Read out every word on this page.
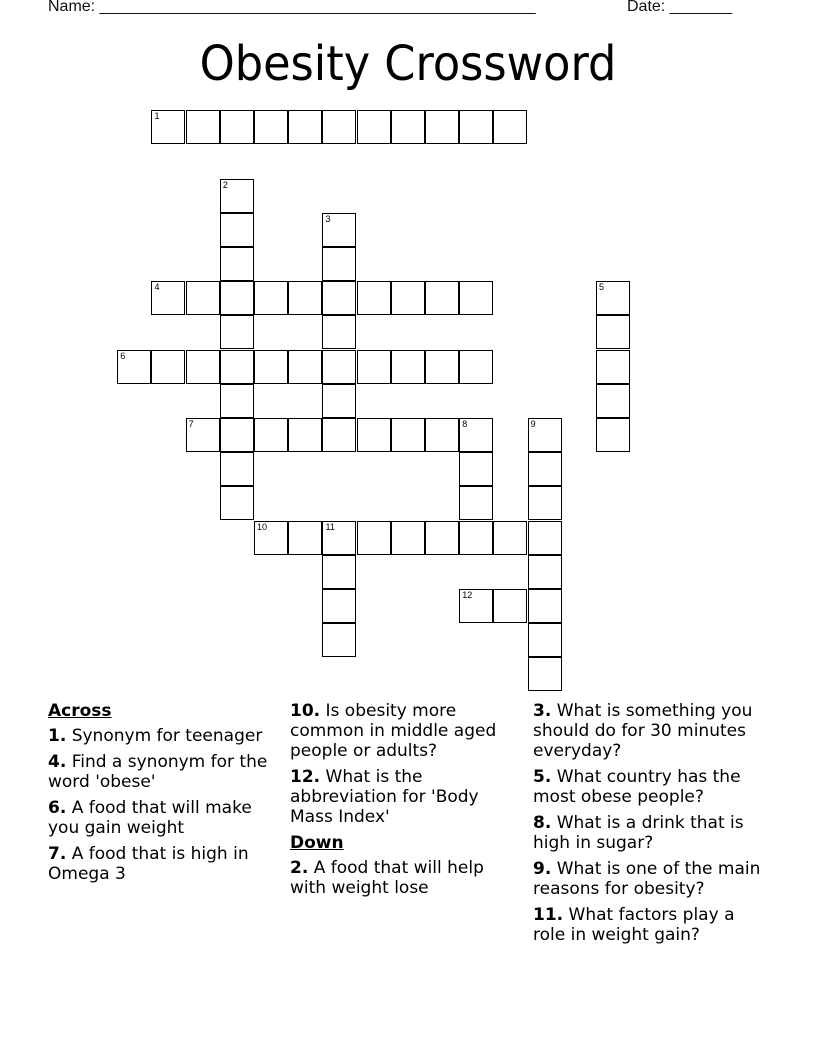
Name: _________________________________________________	Date: _______
Obesity Crossword
1
2
3
4	5
6
7	8	9
10	11
12
Across
1. Synonym for teenager
4. Find a synonym for the word 'obese'
6. A food that will make you gain weight
7. A food that is high in Omega 3
10. Is obesity more common in middle aged people or adults?
12. What is the abbreviation for 'Body Mass Index'
Down
2. A food that will help with weight lose
3. What is something you should do for 30 minutes everyday?
5. What country has the most obese people?
8. What is a drink that is high in sugar?
9. What is one of the main reasons for obesity?
11. What factors play a role in weight gain?
